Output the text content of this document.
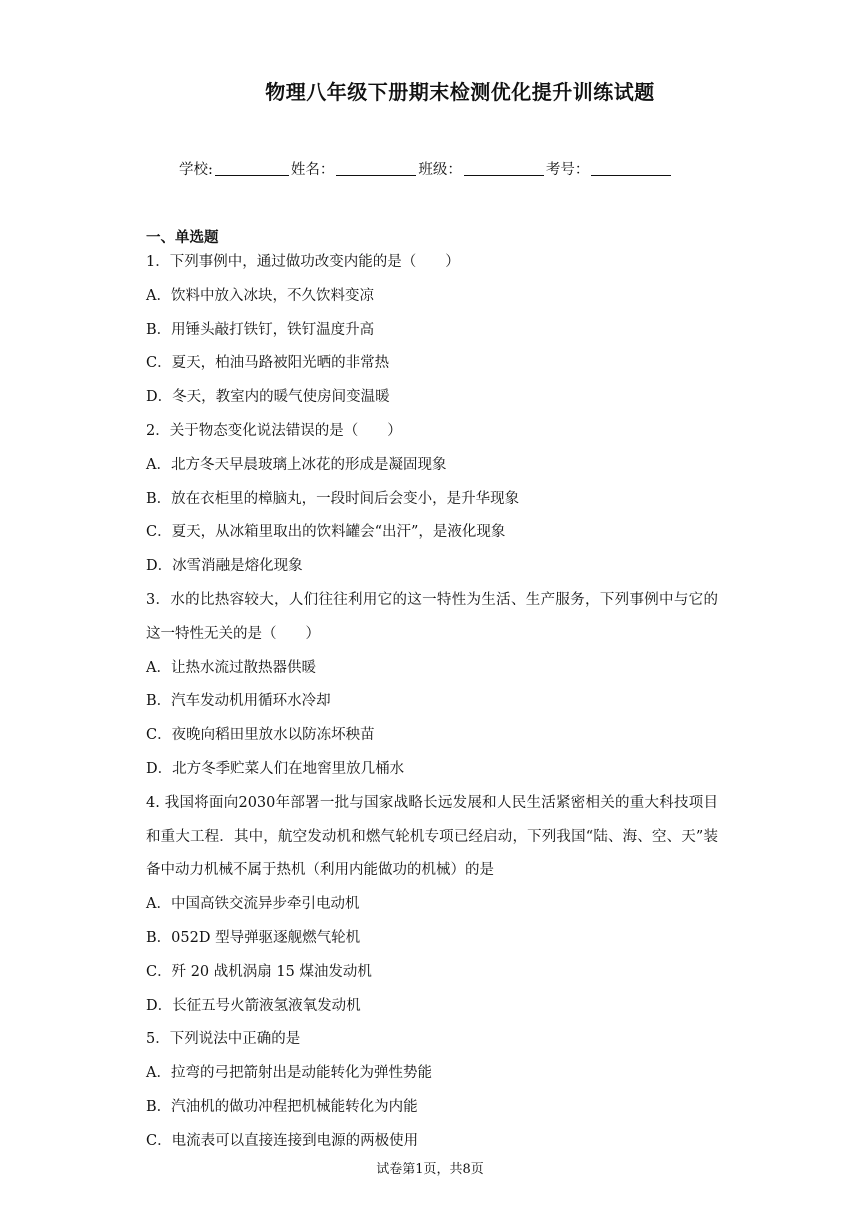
物理八年级下册期末检测优化提升训练试题
学校:	姓名：	班级：	考号：
一、单选题
1．下列事例中，通过做功改变内能的是（　　）
A．饮料中放入冰块，不久饮料变凉
B．用锤头敲打铁钉，铁钉温度升高
C．夏天，柏油马路被阳光晒的非常热
D．冬天，教室内的暖气使房间变温暖
2．关于物态变化说法错误的是（　　）
A．北方冬天早晨玻璃上冰花的形成是凝固现象
B．放在衣柜里的樟脑丸，一段时间后会变小，是升华现象
C．夏天，从冰箱里取出的饮料罐会“出汗”，是液化现象
D．冰雪消融是熔化现象
3．水的比热容较大，人们往往利用它的这一特性为生活、生产服务，下列事例中与它的这一特性无关的是（　　）
A．让热水流过散热器供暖
B．汽车发动机用循环水冷却
C．夜晚向稻田里放水以防冻坏秧苗
D．北方冬季贮菜人们在地窖里放几桶水
4. 我国将面向2030年部署一批与国家战略长远发展和人民生活紧密相关的重大科技项目和重大工程．其中，航空发动机和燃气轮机专项已经启动，下列我国“陆、海、空、天”装备中动力机械不属于热机（利用内能做功的机械）的是
A．中国高铁交流异步牵引电动机
B．052D 型导弹驱逐舰燃气轮机
C．歼 20 战机涡扇 15 煤油发动机
D．长征五号火箭液氢液氧发动机
5．下列说法中正确的是
A．拉弯的弓把箭射出是动能转化为弹性势能
B．汽油机的做功冲程把机械能转化为内能
C．电流表可以直接连接到电源的两极使用
试卷第1页，共8页
